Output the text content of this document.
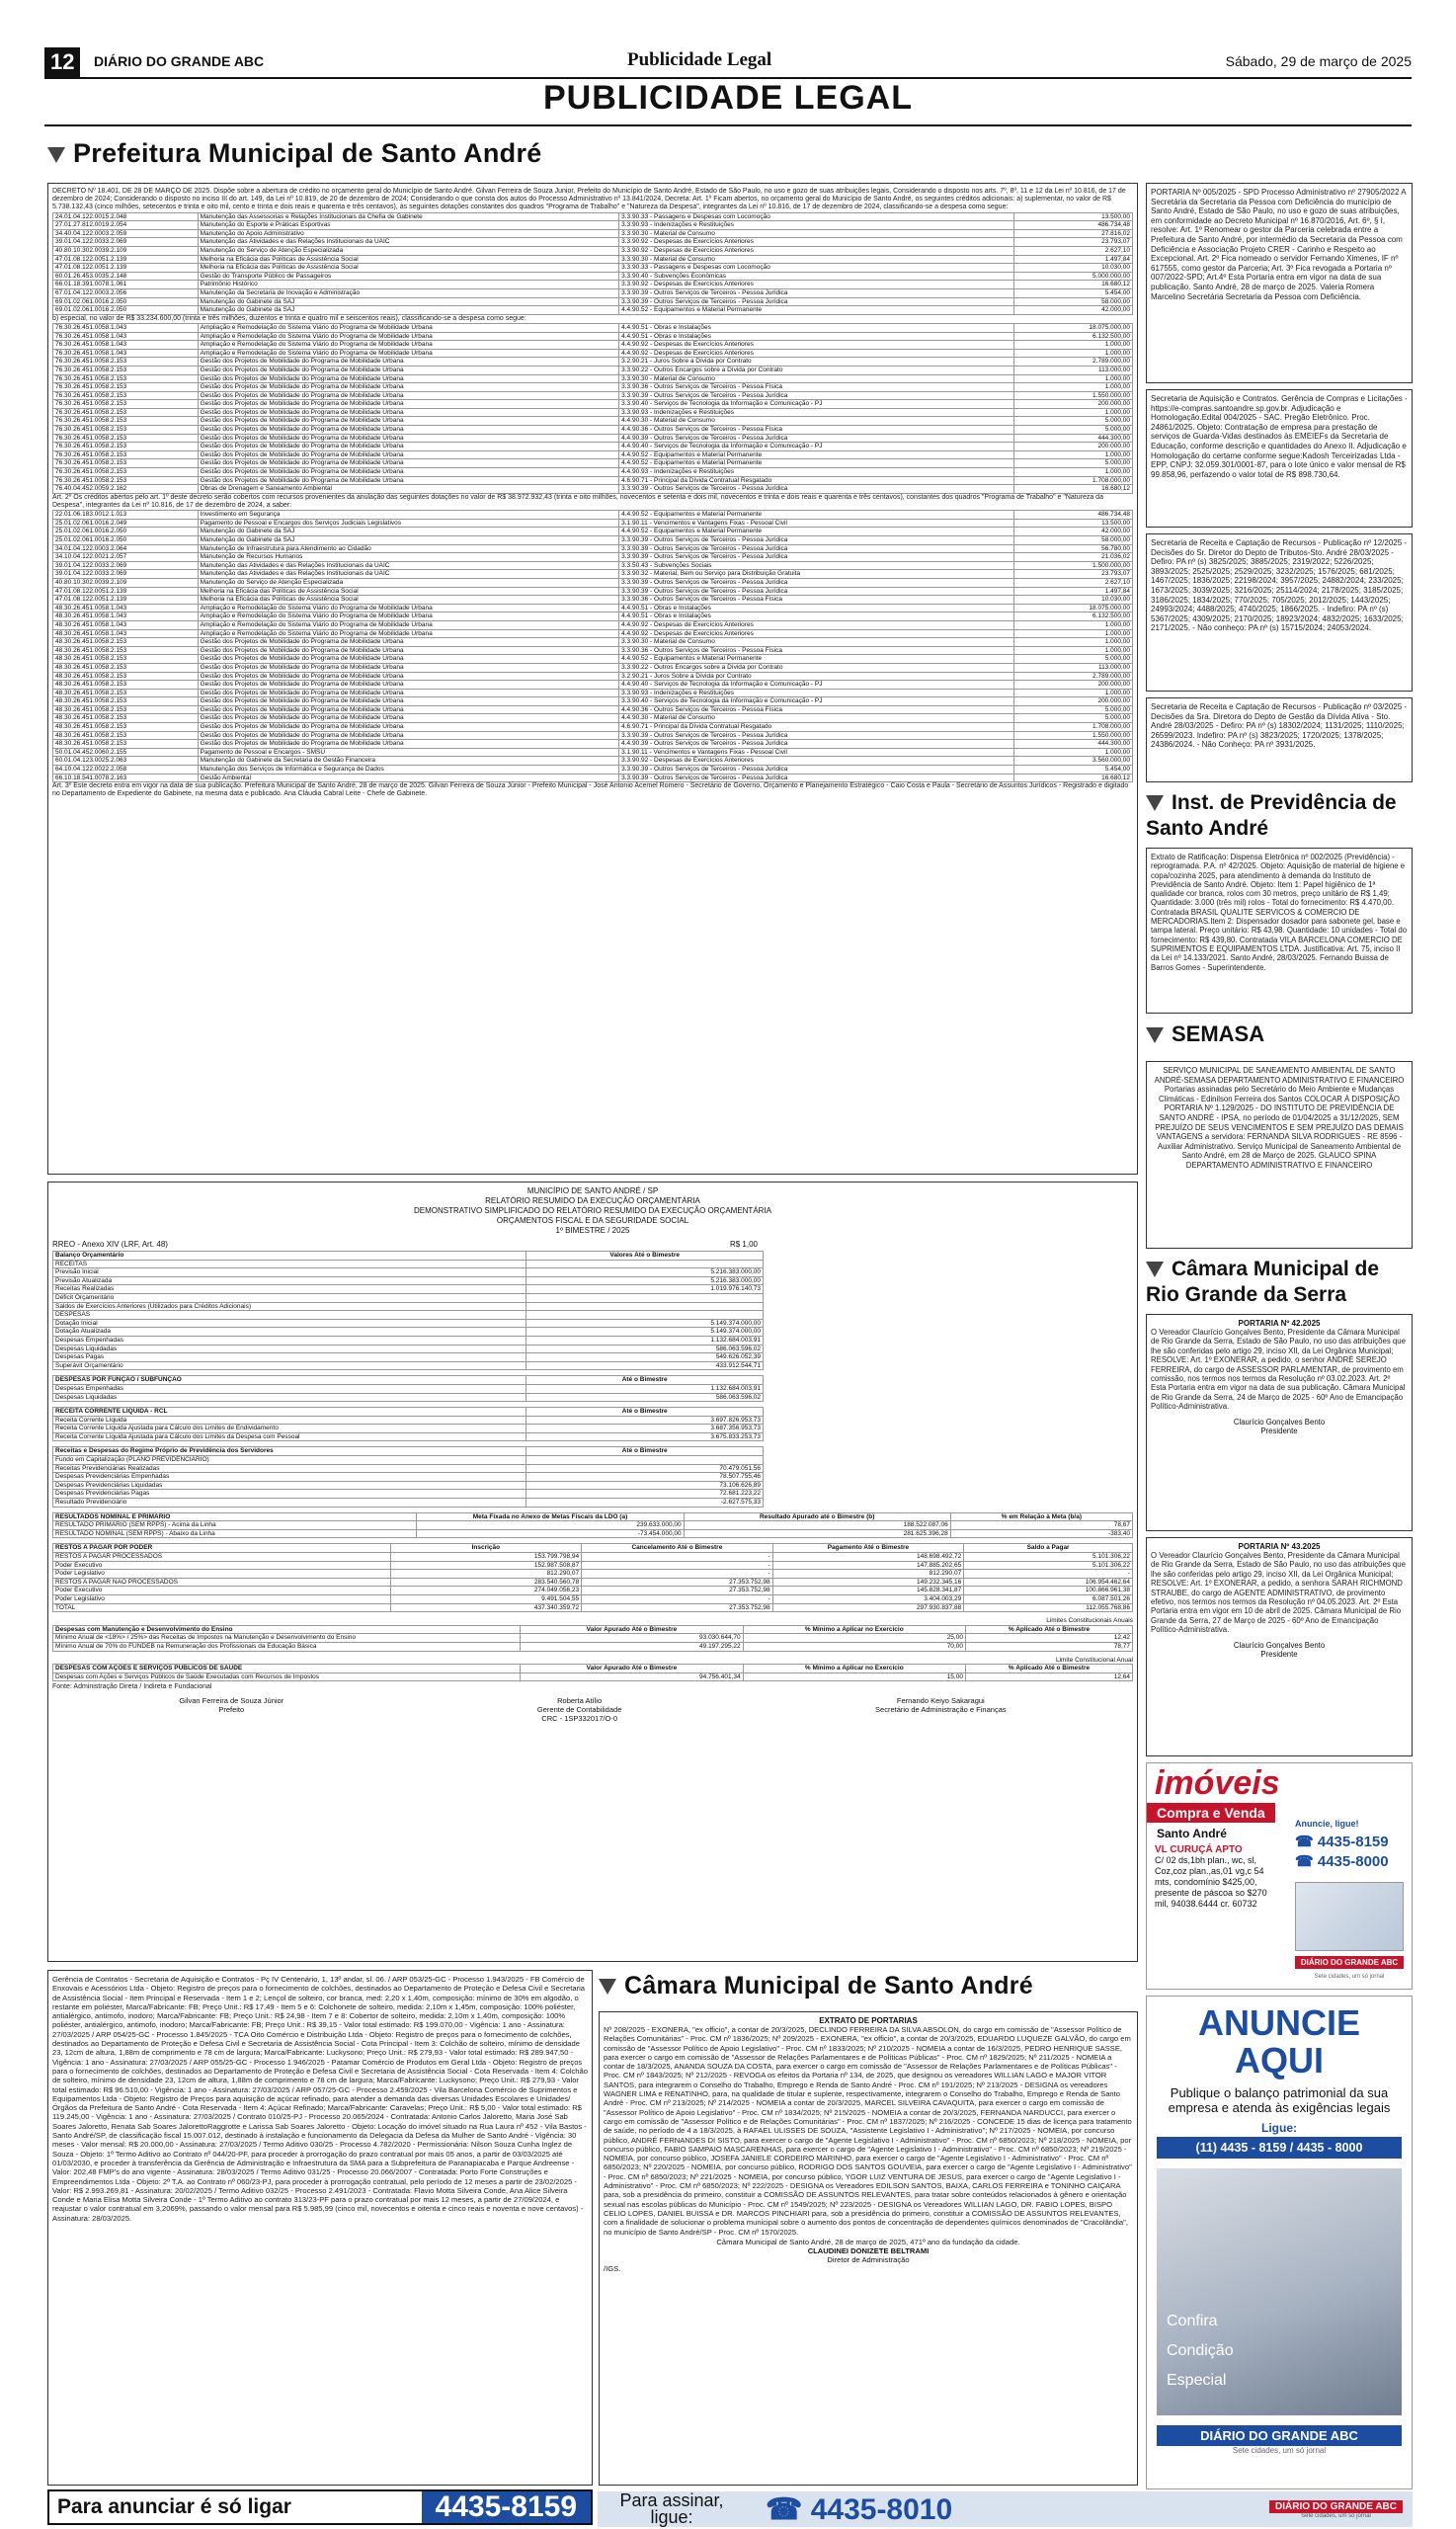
12	DIÁRIO DO GRANDE ABC	Publicidade Legal	Sábado, 29 de março de 2025
PUBLICIDADE LEGAL
Prefeitura Municipal de Santo André
DECRETO Nº 18.401, DE 28 DE MARÇO DE 2025. Dispõe sobre a abertura de crédito no orçamento geral do Município de Santo André. Gilvan Ferreira de Souza Junior, Prefeito do Município de Santo André, Estado de São Paulo, no uso e gozo de suas atribuições legais, Considerando o disposto nos arts. 7º, 8º, 11 e 12 da Lei nº 10.816, de 17 de dezembro de 2024; Considerando o disposto no inciso III do art. 149, da Lei nº 10.819, de 20 de dezembro de 2024; Considerando o que consta dos autos do Processo Administrativo nº 13.841/2024, Decreta: Art. 1º Ficam abertos, no orçamento geral do Município de Santo André, os seguintes créditos adicionais: a) suplementar, no valor de R$ 5.738.132,43 (cinco milhões, setecentos e trinta e oito mil, cento e trinta e dois reais e quarenta e três centavos), às seguintes dotações constantes dos quadros "Programa de Trabalho" e "Natureza da Despesa", integrantes da Lei nº 10.816, de 17 de dezembro de 2024, classificando-se a despesa como segue:
24.01.04.122.0015.2.048	Manutenção das Assessorias e Relações Institucionais da Chefia de Gabinete	3.3.90.33 - Passagens e Despesas com Locomoção	13.500,00
27.01.27.812.0019.2.054	Manutenção do Esporte e Práticas Esportivas	3.3.90.93 - Indenizações e Restituições	486.734,48
34.40.04.122.0003.2.059	Manutenção do Apoio Administrativo	3.3.90.30 - Material de Consumo	27.816,02
39.01.04.122.0033.2.069	Manutenção das Atividades e das Relações Institucionais da UAIC	3.3.90.92 - Despesas de Exercícios Anteriores	23.793,07
40.80.10.302.0039.2.109	Manutenção do Serviço de Atenção Especializada	3.3.90.92 - Despesas de Exercícios Anteriores	2.627,10
47.01.08.122.0051.2.139	Melhoria na Eficácia das Políticas de Assistência Social	3.3.90.30 - Material de Consumo	1.497,84
47.01.08.122.0051.2.139	Melhoria na Eficácia das Políticas de Assistência Social	3.3.90.33 - Passagens e Despesas com Locomoção	10.030,00
60.01.26.453.0035.2.148	Gestão do Transporte Público de Passageiros	3.3.90.40 - Subvenções Econômicas	5.000.000,00
66.01.18.391.0078.1.061	Patrimônio Histórico	3.3.90.92 - Despesas de Exercícios Anteriores	16.680,12
67.01.04.122.0003.2.056	Manutenção da Secretaria de Inovação e Administração	3.3.90.39 - Outros Serviços de Terceiros - Pessoa Jurídica	5.454,00
69.01.02.061.0016.2.050	Manutenção do Gabinete da SAJ	3.3.90.39 - Outros Serviços de Terceiros - Pessoa Jurídica	58.000,00
69.01.02.061.0016.2.050	Manutenção do Gabinete da SAJ	4.4.90.52 - Equipamentos e Material Permanente	42.000,00
b) especial, no valor de R$ 33.234.600,00 (trinta e três milhões, duzentos e trinta e quatro mil e seiscentos reais), classificando-se a despesa como segue:
76.30.26.451.0058.1.043	Ampliação e Remodelação do Sistema Viário do Programa de Mobilidade Urbana	4.4.90.51 - Obras e Instalações	18.075.000,00
76.30.26.451.0058.1.043	Ampliação e Remodelação do Sistema Viário do Programa de Mobilidade Urbana	4.4.90.51 - Obras e Instalações	6.132.500,00
76.30.26.451.0058.1.043	Ampliação e Remodelação do Sistema Viário do Programa de Mobilidade Urbana	4.4.90.92 - Despesas de Exercícios Anteriores	1.000,00
76.30.26.451.0058.1.043	Ampliação e Remodelação do Sistema Viário do Programa de Mobilidade Urbana	4.4.90.92 - Despesas de Exercícios Anteriores	1.000,00
76.30.26.451.0058.2.153	Gestão dos Projetos de Mobilidade do Programa de Mobilidade Urbana	3.2.90.21 - Juros Sobre a Dívida por Contrato	2.789.000,00
76.30.26.451.0058.2.153	Gestão dos Projetos de Mobilidade do Programa de Mobilidade Urbana	3.3.90.22 - Outros Encargos sobre a Dívida por Contrato	113.000,00
76.30.26.451.0058.2.153	Gestão dos Projetos de Mobilidade do Programa de Mobilidade Urbana	3.3.90.30 - Material de Consumo	1.000,00
76.30.26.451.0058.2.153	Gestão dos Projetos de Mobilidade do Programa de Mobilidade Urbana	3.3.90.36 - Outros Serviços de Terceiros - Pessoa Física	1.000,00
76.30.26.451.0058.2.153	Gestão dos Projetos de Mobilidade do Programa de Mobilidade Urbana	3.3.90.39 - Outros Serviços de Terceiros - Pessoa Jurídica	1.550.000,00
76.30.26.451.0058.2.153	Gestão dos Projetos de Mobilidade do Programa de Mobilidade Urbana	3.3.90.40 - Serviços de Tecnologia da Informação e Comunicação - PJ	200.000,00
76.30.26.451.0058.2.153	Gestão dos Projetos de Mobilidade do Programa de Mobilidade Urbana	3.3.90.93 - Indenizações e Restituições	1.000,00
76.30.26.451.0058.2.153	Gestão dos Projetos de Mobilidade do Programa de Mobilidade Urbana	4.4.90.30 - Material de Consumo	5.000,00
76.30.26.451.0058.2.153	Gestão dos Projetos de Mobilidade do Programa de Mobilidade Urbana	4.4.90.36 - Outros Serviços de Terceiros - Pessoa Física	5.000,00
76.30.26.451.0058.2.153	Gestão dos Projetos de Mobilidade do Programa de Mobilidade Urbana	4.4.90.39 - Outros Serviços de Terceiros - Pessoa Jurídica	444.300,00
76.30.26.451.0058.2.153	Gestão dos Projetos de Mobilidade do Programa de Mobilidade Urbana	4.4.90.40 - Serviços de Tecnologia da Informação e Comunicação - PJ	200.000,00
76.30.26.451.0058.2.153	Gestão dos Projetos de Mobilidade do Programa de Mobilidade Urbana	4.4.90.52 - Equipamentos e Material Permanente	1.000,00
76.30.26.451.0058.2.153	Gestão dos Projetos de Mobilidade do Programa de Mobilidade Urbana	4.4.90.52 - Equipamentos e Material Permanente	5.000,00
76.30.26.451.0058.2.153	Gestão dos Projetos de Mobilidade do Programa de Mobilidade Urbana	4.4.90.93 - Indenizações e Restituições	1.000,00
76.30.26.451.0058.2.153	Gestão dos Projetos de Mobilidade do Programa de Mobilidade Urbana	4.6.90.71 - Principal da Dívida Contratual Resgatado	1.708.000,00
76.40.04.452.0059.2.162	Obras de Drenagem e Saneamento Ambiental	3.3.90.39 - Outros Serviços de Terceiros - Pessoa Jurídica	16.680,12
Art. 2º Os créditos abertos pelo art. 1º deste decreto serão cobertos com recursos provenientes da anulação das seguintes dotações no valor de R$ 38.972.932,43 (trinta e oito milhões, novecentos e setenta e dois mil, novecentos e trinta e dois reais e quarenta e três centavos), constantes dos quadros "Programa de Trabalho" e "Natureza da Despesa", integrantes da Lei nº 10.816, de 17 de dezembro de 2024, a saber:
22.01.06.183.0012.1.013	Investimento em Segurança	4.4.90.52 - Equipamentos e Material Permanente	486.734,48
25.01.02.061.0016.2.049	Pagamento de Pessoal e Encargos dos Serviços Judiciais Legislativos	3.1.90.11 - Vencimentos e Vantagens Fixas - Pessoal Civil	13.500,00
25.01.02.061.0016.2.050	Manutenção do Gabinete da SAJ	4.4.90.52 - Equipamentos e Material Permanente	42.000,00
25.01.02.061.0016.2.050	Manutenção do Gabinete da SAJ	3.3.90.39 - Outros Serviços de Terceiros - Pessoa Jurídica	58.000,00
34.01.04.122.0003.2.064	Manutenção de Infraestrutura para Atendimento ao Cidadão	3.3.90.39 - Outros Serviços de Terceiros - Pessoa Jurídica	56.780,00
34.10.04.122.0021.2.057	Manutenção de Recursos Humanos	3.3.90.39 - Outros Serviços de Terceiros - Pessoa Jurídica	21.036,02
39.01.04.122.0033.2.069	Manutenção das Atividades e das Relações Institucionais da UAIC	3.3.50.43 - Subvenções Sociais	1.500.000,00
39.01.04.122.0033.2.069	Manutenção das Atividades e das Relações Institucionais da UAIC	3.3.90.32 - Material, Bem ou Serviço para Distribuição Gratuita	23.793,07
40.80.10.302.0039.2.109	Manutenção do Serviço de Atenção Especializada	3.3.90.39 - Outros Serviços de Terceiros - Pessoa Jurídica	2.627,10
47.01.08.122.0051.2.139	Melhoria na Eficácia das Políticas de Assistência Social	3.3.90.39 - Outros Serviços de Terceiros - Pessoa Jurídica	1.497,84
47.01.08.122.0051.2.139	Melhoria na Eficácia das Políticas de Assistência Social	3.3.90.36 - Outros Serviços de Terceiros - Pessoa Física	10.030,00
48.30.26.451.0058.1.043	Ampliação e Remodelação do Sistema Viário do Programa de Mobilidade Urbana	4.4.90.51 - Obras e Instalações	18.075.000,00
48.30.26.451.0058.1.043	Ampliação e Remodelação do Sistema Viário do Programa de Mobilidade Urbana	4.4.90.51 - Obras e Instalações	6.132.500,00
48.30.26.451.0058.1.043	Ampliação e Remodelação do Sistema Viário do Programa de Mobilidade Urbana	4.4.90.92 - Despesas de Exercícios Anteriores	1.000,00
48.30.26.451.0058.1.043	Ampliação e Remodelação do Sistema Viário do Programa de Mobilidade Urbana	4.4.90.92 - Despesas de Exercícios Anteriores	1.000,00
48.30.26.451.0058.2.153	Gestão dos Projetos de Mobilidade do Programa de Mobilidade Urbana	3.3.90.30 - Material de Consumo	1.000,00
48.30.26.451.0058.2.153	Gestão dos Projetos de Mobilidade do Programa de Mobilidade Urbana	3.3.90.36 - Outros Serviços de Terceiros - Pessoa Física	1.000,00
48.30.26.451.0058.2.153	Gestão dos Projetos de Mobilidade do Programa de Mobilidade Urbana	4.4.90.52 - Equipamentos e Material Permanente	5.000,00
48.30.26.451.0058.2.153	Gestão dos Projetos de Mobilidade do Programa de Mobilidade Urbana	3.3.90.22 - Outros Encargos sobre a Dívida por Contrato	113.000,00
48.30.26.451.0058.2.153	Gestão dos Projetos de Mobilidade do Programa de Mobilidade Urbana	3.2.90.21 - Juros Sobre a Dívida por Contrato	2.789.000,00
48.30.26.451.0058.2.153	Gestão dos Projetos de Mobilidade do Programa de Mobilidade Urbana	4.4.90.40 - Serviços de Tecnologia da Informação e Comunicação - PJ	200.000,00
48.30.26.451.0058.2.153	Gestão dos Projetos de Mobilidade do Programa de Mobilidade Urbana	3.3.90.93 - Indenizações e Restituições	1.000,00
48.30.26.451.0058.2.153	Gestão dos Projetos de Mobilidade do Programa de Mobilidade Urbana	3.3.90.40 - Serviços de Tecnologia da Informação e Comunicação - PJ	200.000,00
48.30.26.451.0058.2.153	Gestão dos Projetos de Mobilidade do Programa de Mobilidade Urbana	4.4.90.36 - Outros Serviços de Terceiros - Pessoa Física	5.000,00
48.30.26.451.0058.2.153	Gestão dos Projetos de Mobilidade do Programa de Mobilidade Urbana	4.4.90.30 - Material de Consumo	5.000,00
48.30.26.451.0058.2.153	Gestão dos Projetos de Mobilidade do Programa de Mobilidade Urbana	4.6.90.71 - Principal da Dívida Contratual Resgatado	1.708.000,00
48.30.26.451.0058.2.153	Gestão dos Projetos de Mobilidade do Programa de Mobilidade Urbana	3.3.90.39 - Outros Serviços de Terceiros - Pessoa Jurídica	1.550.000,00
48.30.26.451.0058.2.153	Gestão dos Projetos de Mobilidade do Programa de Mobilidade Urbana	4.4.90.39 - Outros Serviços de Terceiros - Pessoa Jurídica	444.300,00
50.01.04.452.0060.2.155	Pagamento de Pessoal e Encargos - SMSU	3.1.90.11 - Vencimentos e Vantagens Fixas - Pessoal Civil	1.000,00
60.01.04.123.0025.2.063	Manutenção do Gabinete da Secretaria de Gestão Financeira	3.3.90.92 - Despesas de Exercícios Anteriores	3.560.000,00
64.10.04.122.0022.2.058	Manutenção dos Serviços de Informática e Segurança de Dados	3.3.90.39 - Outros Serviços de Terceiros - Pessoa Jurídica	5.454,00
66.10.18.541.0078.2.163	Gestão Ambiental	3.3.90.39 - Outros Serviços de Terceiros - Pessoa Jurídica	16.680,12
Art. 3º Este decreto entra em vigor na data de sua publicação. Prefeitura Municipal de Santo André, 28 de março de 2025. Gilvan Ferreira de Souza Júnior - Prefeito Municipal - José Antonio Acemel Romero - Secretário de Governo, Orçamento e Planejamento Estratégico - Caio Costa e Paula - Secretário de Assuntos Jurídicos - Registrado e digitado no Departamento de Expediente do Gabinete, na mesma data e publicado. Ana Cláudia Cabral Leite - Chefe de Gabinete.
MUNICÍPIO DE SANTO ANDRÉ / SP
RELATÓRIO RESUMIDO DA EXECUÇÃO ORÇAMENTÁRIA
DEMONSTRATIVO SIMPLIFICADO DO RELATÓRIO RESUMIDO DA EXECUÇÃO ORÇAMENTÁRIA
ORÇAMENTOS FISCAL E DA SEGURIDADE SOCIAL
1º BIMESTRE / 2025
RREO - Anexo XIV (LRF, Art. 48)	R$ 1,00
Balanço Orçamentário	Valores Até o Bimestre
RECEITAS	
Previsão Inicial	5.216.383.000,00
Previsão Atualizada	5.216.383.000,00
Receitas Realizadas	1.019.976.140,73
Déficit Orçamentário	
Saldos de Exercícios Anteriores (Utilizados para Créditos Adicionais)	
DESPESAS	
Dotação Inicial	5.149.374.000,00
Dotação Atualizada	5.149.374.000,00
Despesas Empenhadas	1.132.684.003,91
Despesas Liquidadas	586.063.596,02
Despesas Pagas	549.626.052,39
Superávit Orçamentário	433.912.544,71
DESPESAS POR FUNÇÃO / SUBFUNÇÃO	Até o Bimestre
Despesas Empenhadas	1.132.684.003,91
Despesas Liquidadas	586.063.596,02
RECEITA CORRENTE LÍQUIDA - RCL	Até o Bimestre
Receita Corrente Líquida	3.697.826.953,73
Receita Corrente Líquida Ajustada para Cálculo dos Limites de Endividamento	3.687.356.953,73
Receita Corrente Líquida Ajustada para Cálculo dos Limites da Despesa com Pessoal	3.675.833.253,73
Receitas e Despesas do Regime Próprio de Previdência dos Servidores	Até o Bimestre
Fundo em Capitalização (PLANO PREVIDENCIÁRIO)	
Receitas Previdenciárias Realizadas	70.479.051,56
Despesas Previdenciárias Empenhadas	78.507.755,46
Despesas Previdenciárias Liquidadas	73.106.626,89
Despesas Previdenciárias Pagas	72.681.223,22
Resultado Previdenciário	-2.627.575,33
RESULTADOS NOMINAL E PRIMÁRIO	Meta Fixada no Anexo de Metas Fiscais da LDO (a)	Resultado Apurado até o Bimestre (b)	% em Relação à Meta (b/a)
RESULTADO PRIMÁRIO (SEM RPPS) - Acima da Linha	239.633.000,00	188.522.087,06	78,67
RESULTADO NOMINAL (SEM RPPS) - Abaixo da Linha	-73.454.000,00	281.625.396,28	-383,40
RESTOS A PAGAR POR PODER	Inscrição	Cancelamento Até o Bimestre	Pagamento Até o Bimestre	Saldo a Pagar
RESTOS A PAGAR PROCESSADOS	153.799.798,94	-	148.698.492,72	5.101.306,22
Poder Executivo	152.987.508,87	-	147.885.202,65	5.101.306,22
Poder Legislativo	812.290,07	-	812.290,07	-
RESTOS A PAGAR NÃO PROCESSADOS	283.540.560,78	27.353.752,98	149.232.345,16	106.954.462,64
Poder Executivo	274.049.056,23	27.353.752,98	145.828.341,87	100.866.961,38
Poder Legislativo	9.491.504,55	-	3.404.003,29	6.087.501,26
TOTAL	437.340.359,72	27.353.752,98	297.930.837,88	112.055.768,86
Limites Constitucionais Anuais
Despesas com Manutenção e Desenvolvimento do Ensino	Valor Apurado Até o Bimestre	% Mínimo a Aplicar no Exercício	% Aplicado Até o Bimestre
Mínimo Anual de <18%> / 25%> das Receitas de Impostos na Manutenção e Desenvolvimento do Ensino	93.030.644,70	25,00	12,42
Mínimo Anual de 70% do FUNDEB na Remuneração dos Profissionais da Educação Básica	49.197.295,22	70,00	78,77
Limite Constitucional Anual
DESPESAS COM AÇÕES E SERVIÇOS PÚBLICOS DE SAÚDE	Valor Apurado Até o Bimestre	% Mínimo a Aplicar no Exercício	% Aplicado Até o Bimestre
Despesas com Ações e Serviços Públicos de Saúde Executadas com Recursos de Impostos	94.756.401,34	15,00	12,64
Fonte: Administração Direta / Indireta e Fundacional
Gilvan Ferreira de Souza Júnior
Prefeito
Roberta Atílio
Gerente de Contabilidade
CRC - 1SP332017/O-0
Fernando Keiyo Sakaragui
Secretário de Administração e Finanças
Gerência de Contratos - Secretaria de Aquisição e Contratos - Pç IV Centenário, 1, 13º andar, sl. 06. / ARP 053/25-GC - Processo 1.943/2025 - FB Comércio de Enxovais e Acessórios Ltda - Objeto: Registro de preços para o fornecimento de colchões, destinados ao Departamento de Proteção e Defesa Civil e Secretaria de Assistência Social - Item Principal e Reservada - Item 1 e 2; Lençol de solteiro, cor branca, med: 2,20 x 1,40m, composição: mínimo de 30% em algodão, o restante em poliéster, Marca/Fabricante: FB; Preço Unit.: R$ 17,49 - Item 5 e 6: Colchonete de solteiro, medida: 2,10m x 1,45m, composição: 100% poliéster, antialérgico, antimofo, inodoro; Marca/Fabricante: FB; Preço Unit.: R$ 24,98 - Item 7 e 8: Cobertor de solteiro, medida: 2,10m x 1,40m, composição: 100% poliéster, antialérgico, antimofo, inodoro; Marca/Fabricante: FB; Preço Unit.: R$ 39,15 - Valor total estimado: R$ 199.070,00 - Vigência: 1 ano - Assinatura: 27/03/2025 / ARP 054/25-GC - Processo 1.845/2025 - TCA Oito Comércio e Distribuição Ltda - Objeto: Registro de preços para o fornecimento de colchões, destinados ao Departamento de Proteção e Defesa Civil e Secretaria de Assistência Social - Cota Principal - Item 3: Colchão de solteiro, mínimo de densidade 23, 12cm de altura, 1,88m de comprimento e 78 cm de largura; Marca/Fabricante: Luckysono; Preço Unit.: R$ 279,93 - Valor total estimado: R$ 289.947,50 - Vigência: 1 ano - Assinatura: 27/03/2025 / ARP 055/25-GC - Processo 1.946/2025 - Patamar Comércio de Produtos em Geral Ltda - Objeto: Registro de preços para o fornecimento de colchões, destinados ao Departamento de Proteção e Defesa Civil e Secretaria de Assistência Social - Cota Reservada - Item 4: Colchão de solteiro, mínimo de densidade 23, 12cm de altura, 1,88m de comprimento e 78 cm de largura; Marca/Fabricante: Luckysono; Preço Unit.: R$ 279,93 - Valor total estimado: R$ 96.510,00 - Vigência: 1 ano - Assinatura: 27/03/2025 / ARP 057/25-GC - Processo 2.459/2025 - Vila Barcelona Comércio de Suprimentos e Equipamentos Ltda - Objeto: Registro de Preços para aquisição de açúcar refinado, para atender a demanda das diversas Unidades Escolares e Unidades/Órgãos da Prefeitura de Santo André - Cota Reservada - Item 4: Açúcar Refinado; Marca/Fabricante: Caravelas; Preço Unit.: R$ 5,00 - Valor total estimado: R$ 119.245,00 - Vigência: 1 ano - Assinatura: 27/03/2025 / Contrato 010/25-PJ - Processo 20.065/2024 - Contratada: Antonio Carlos Jaloretto, Maria José Sab Soares Jaloretto, Renata Sab Soares JalorettoRaggrotte e Larissa Sab Soares Jaloretto - Objeto: Locação do imóvel situado na Rua Laura nº 452 - Vila Bastos - Santo André/SP, de classificação fiscal 15.007.012, destinado à instalação e funcionamento da Delegacia da Defesa da Mulher de Santo André - Vigência: 30 meses - Valor mensal: R$ 20.000,00 - Assinatura: 27/03/2025 / Termo Aditivo 030/25 - Processo 4.782/2020 - Permissionária: Nilson Souza Cunha Inglez de Souza - Objeto: 1º Termo Aditivo ao Contrato nº 044/20-PF, para proceder à prorrogação do prazo contratual por mais 05 anos, a partir de 03/03/2025 até 01/03/2030, e proceder à transferência da Gerência de Administração e Infraestrutura da SMA para a Subprefeitura de Paranapiacaba e Parque Andreense - Valor: 202,48 FMP's do ano vigente - Assinatura: 28/03/2025 / Termo Aditivo 031/25 - Processo 20.066/2007 - Contratada: Porto Forte Construções e Empreendimentos Ltda - Objeto: 2º T.A. ao Contrato nº 060/23-PJ, para proceder à prorrogação contratual, pelo período de 12 meses a partir de 23/02/2025 - Valor: R$ 2.993.269,81 - Assinatura: 20/02/2025 / Termo Aditivo 032/25 - Processo 2.491/2023 - Contratada: Flavio Motta Silveira Conde, Ana Alice Silveira Conde e Maria Elisa Motta Silveira Conde - 1º Termo Aditivo ao contrato 313/23-PF para o prazo contratual por mais 12 meses, a partir de 27/09/2024, e reajustar o valor contratual em 3,2069%, passando o valor mensal para R$ 5.985,99 (cinco mil, novecentos e oitenta e cinco reais e noventa e nove centavos) - Assinatura: 28/03/2025.
Para anunciar é só ligar	4435-8159
Câmara Municipal de Santo André
EXTRATO DE PORTARIAS
Nº 208/2025 - EXONERA, "ex officio", a contar de 20/3/2025, DECLINDO FERREIRA DA SILVA ABSOLON, do cargo em comissão de "Assessor Político de Relações Comunitárias" - Proc. CM nº 1836/2025; Nº 209/2025 - EXONERA, "ex officio", a contar de 20/3/2025, EDUARDO LUQUEZE GALVÃO, do cargo em comissão de "Assessor Político de Apoio Legislativo" - Proc. CM nº 1833/2025; Nº 210/2025 - NOMEIA a contar de 16/3/2025, PEDRO HENRIQUE SASSE, para exercer o cargo em comissão de "Assessor de Relações Parlamentares e de Políticas Públicas" - Proc. CM nº 1829/2025; Nº 211/2025 - NOMEIA a contar de 18/3/2025, ANANDA SOUZA DA COSTA, para exercer o cargo em comissão de "Assessor de Relações Parlamentares e de Políticas Públicas" - Proc. CM nº 1843/2025; Nº 212/2025 - REVOGA os efeitos da Portaria nº 134, de 2025, que designou os vereadores WILLIAN LAGO e MAJOR VITOR SANTOS, para integrarem o Conselho do Trabalho, Emprego e Renda de Santo André - Proc. CM nº 191/2025; Nº 213/2025 - DESIGNA os vereadores WAGNER LIMA e RENATINHO, para, na qualidade de titular e suplente, respectivamente, integrarem o Conselho do Trabalho, Emprego e Renda de Santo André - Proc. CM nº 213/2025; Nº 214/2025 - NOMEIA a contar de 20/3/2025, MARCEL SILVEIRA CAVAQUITA, para exercer o cargo em comissão de "Assessor Político de Apoio Legislativo" - Proc. CM nº 1834/2025; Nº 215/2025 - NOMEIA a contar de 20/3/2025, FERNANDA NARDUCCI, para exercer o cargo em comissão de "Assessor Político e de Relações Comunitárias" - Proc. CM nº 1837/2025; Nº 216/2025 - CONCEDE 15 dias de licença para tratamento de saúde, no período de 4 a 18/3/2025, à RAFAEL ULISSES DE SOUZA, "Assistente Legislativo I - Administrativo"; Nº 217/2025 - NOMEIA, por concurso público, ANDRÉ FERNANDES DI SISTO, para exercer o cargo de "Agente Legislativo I - Administrativo" - Proc. CM nº 6850/2023; Nº 218/2025 - NOMEIA, por concurso público, FABIO SAMPAIO MASCARENHAS, para exercer o cargo de "Agente Legislativo I - Administrativo" - Proc. CM nº 6850/2023; Nº 219/2025 - NOMEIA, por concurso público, JOSEFA JANIELE CORDEIRO MARINHO, para exercer o cargo de "Agente Legislativo I - Administrativo" - Proc. CM nº 6850/2023; Nº 220/2025 - NOMEIA, por concurso público, RODRIGO DOS SANTOS GOUVEIA, para exercer o cargo de "Agente Legislativo I - Administrativo" - Proc. CM nº 6850/2023; Nº 221/2025 - NOMEIA, por concurso público, YGOR LUIZ VENTURA DE JESUS, para exercer o cargo de "Agente Legislativo I - Administrativo" - Proc. CM nº 6850/2023; Nº 222/2025 - DESIGNA os Vereadores EDILSON SANTOS, BAIXA, CARLOS FERREIRA e TONINHO CAIÇARA para, sob a presidência do primeiro, constituir a COMISSÃO DE ASSUNTOS RELEVANTES, para tratar sobre conteúdos relacionados à gênero e orientação sexual nas escolas públicas do Município - Proc. CM nº 1549/2025; Nº 223/2025 - DESIGNA os Vereadores WILLIAN LAGO, DR. FABIO LOPES, BISPO CELIO LOPES, DANIEL BUISSA e DR. MARCOS PINCHIARI para, sob a presidência do primeiro, constituir a COMISSÃO DE ASSUNTOS RELEVANTES, com a finalidade de solucionar o problema municipal sobre o aumento dos pontos de concentração de dependentes químicos denominados de "Cracolândia", no município de Santo André/SP - Proc. CM nº 1570/2025.
Câmara Municipal de Santo André, 28 de março de 2025, 471º ano da fundação da cidade.
CLAUDINEI DONIZETE BELTRAMI
Diretor de Administração
/IGS.
PORTARIA Nº 005/2025 - SPD Processo Administrativo nº 27905/2022 A Secretária da Secretaria da Pessoa com Deficiência do município de Santo André, Estado de São Paulo, no uso e gozo de suas atribuições, em conformidade ao Decreto Municipal nº 16.870/2016, Art. 6º, § I, resolve: Art. 1º Renomear o gestor da Parceria celebrada entre a Prefeitura de Santo André, por intermédio da Secretaria da Pessoa com Deficiência e Associação Projeto CRER - Carinho e Respeito ao Excepcional. Art. 2º Fica nomeado o servidor Fernando Ximenes, IF nº 617555, como gestor da Parceria; Art. 3º Fica revogada a Portaria nº 007/2022-SPD; Art.4º Esta Portaria entra em vigor na data de sua publicação. Santo André, 28 de março de 2025. Valeria Romera Marcelino Secretária Secretaria da Pessoa com Deficiência.
Secretaria de Aquisição e Contratos. Gerência de Compras e Licitações - https://e-compras.santoandre.sp.gov.br. Adjudicação e Homologação.Edital 004/2025 - SAC. Pregão Eletrônico. Proc. 24861/2025. Objeto: Contratação de empresa para prestação de serviços de Guarda-Vidas destinados às EMEIEFs da Secretaria de Educação, conforme descrição e quantidades do Anexo II. Adjudicação e Homologação do certame conforme segue:Kadosh Terceirizadas Ltda - EPP, CNPJ: 32.059.301/0001-87, para o lote único e valor mensal de R$ 99.858,96, perfazendo o valor total de R$ 898.730,64.
Secretaria de Receita e Captação de Recursos - Publicação nº 12/2025 - Decisões do Sr. Diretor do Depto de Tributos-Sto. André 28/03/2025 - Defiro: PA nº (s) 3825/2025; 3885/2025; 2319/2022; 5226/2025; 3893/2025; 2525/2025; 2529/2025; 3232/2025; 1576/2025; 681/2025; 1467/2025; 1836/2025; 22198/2024; 3957/2025; 24882/2024; 233/2025; 1673/2025; 3039/2025; 3216/2025; 25114/2024; 2178/2025; 3185/2025; 3186/2025; 1834/2025; 770/2025; 705/2025; 2012/2025; 1443/2025; 24993/2024; 4488/2025; 4740/2025; 1866/2025. - Indefiro: PA nº (s) 5367/2025; 4309/2025; 2170/2025; 18923/2024; 4832/2025; 1633/2025; 2171/2025. - Não conheço: PA nº (s) 15715/2024; 24053/2024.
Secretaria de Receita e Captação de Recursos - Publicação nº 03/2025 - Decisões da Sra. Diretora do Depto de Gestão da Dívida Ativa - Sto. André 28/03/2025 - Defiro: PA nº (s) 18302/2024; 1131/2025; 1110/2025; 26599/2023. Indefiro: PA nº (s) 3823/2025; 1720/2025; 1378/2025; 24386/2024. - Não Conheço: PA nº 3931/2025.
Inst. de Previdência de Santo André
Extrato de Ratificação: Dispensa Eletrônica nº 002/2025 (Previdência) - reprogramada. P.A. nº 42/2025. Objeto: Aquisição de material de higiene e copa/cozinha 2025, para atendimento à demanda do Instituto de Previdência de Santo André. Objeto: Item 1: Papel higiênico de 1ª qualidade cor branca, rolos com 30 metros, preço unitário de R$ 1,49; Quantidade: 3.000 (três mil) rolos - Total do fornecimento: R$ 4.470,00. Contratada BRASIL QUALITE SERVICOS & COMERCIO DE MERCADORIAS.Item 2: Dispensador dosador para sabonete gel, base e tampa lateral. Preço unitário: R$ 43,98. Quantidade: 10 unidades - Total do fornecimento: R$ 439,80. Contratada VILA BARCELONA COMERCIO DE SUPRIMENTOS E EQUIPAMENTOS LTDA. Justificativa: Art. 75, inciso II da Lei nº 14.133/2021. Santo André, 28/03/2025. Fernando Buissa de Barros Gomes - Superintendente.
SEMASA
SERVIÇO MUNICIPAL DE SANEAMENTO AMBIENTAL DE SANTO ANDRÉ-SEMASA DEPARTAMENTO ADMINISTRATIVO E FINANCEIRO Portarias assinadas pelo Secretário do Meio Ambiente e Mudanças Climáticas - Edinilson Ferreira dos Santos COLOCAR À DISPOSIÇÃO PORTARIA Nº 1.129/2025 - DO INSTITUTO DE PREVIDÊNCIA DE SANTO ANDRÉ - IPSA, no período de 01/04/2025 a 31/12/2025, SEM PREJUÍZO DE SEUS VENCIMENTOS E SEM PREJUÍZO DAS DEMAIS VANTAGENS a servidora: FERNANDA SILVA RODRIGUES - RE 8596 - Auxiliar Administrativo. Serviço Municipal de Saneamento Ambiental de Santo André, em 28 de Março de 2025. GLAUCO SPINA DEPARTAMENTO ADMINISTRATIVO E FINANCEIRO
Câmara Municipal de Rio Grande da Serra
PORTARIA Nº 42.2025
O Vereador Claurício Gonçalves Bento, Presidente da Câmara Municipal de Rio Grande da Serra, Estado de São Paulo, no uso das atribuições que lhe são conferidas pelo artigo 29, inciso XII, da Lei Orgânica Municipal; RESOLVE: Art. 1º EXONERAR, a pedido, o senhor ANDRÉ SEREJO FERREIRA, do cargo de ASSESSOR PARLAMENTAR, de provimento em comissão, nos termos nos termos da Resolução nº 03.02.2023. Art. 2º Esta Portaria entra em vigor na data de sua publicação. Câmara Municipal de Rio Grande da Serra, 24 de Março de 2025 - 60º Ano de Emancipação Político-Administrativa.
Claurício Gonçalves Bento
Presidente
PORTARIA Nº 43.2025
O Vereador Claurício Gonçalves Bento, Presidente da Câmara Municipal de Rio Grande da Serra, Estado de São Paulo, no uso das atribuições que lhe são conferidas pelo artigo 29, inciso XII, da Lei Orgânica Municipal; RESOLVE: Art. 1º EXONERAR, a pedido, a senhora SARAH RICHMOND STRAUBE, do cargo de AGENTE ADMINISTRATIVO, de provimento efetivo, nos termos nos termos da Resolução nº 04.05.2023. Art. 2º Esta Portaria entra em vigor em 10 de abril de 2025. Câmara Municipal de Rio Grande da Serra, 27 de Março de 2025 - 60º Ano de Emancipação Político-Administrativa.
Claurício Gonçalves Bento
Presidente
imóveis
Compra e Venda
Anuncie, ligue!
☎ 4435-8159
☎ 4435-8000
Santo André
VL CURUÇÁ APTO
C/ 02 ds,1bh plan., wc, sl, Coz,coz plan.,as,01 vg,c 54 mts, condomínio $425,00, presente de páscoa so $270 mil, 94038.6444 cr. 60732
DIÁRIO DO GRANDE ABC
Sete cidades, um só jornal
ANUNCIE
AQUI
Publique o balanço patrimonial da sua empresa e atenda às exigências legais
Ligue:
(11) 4435 - 8159 / 4435 - 8000
Confira
Condição
Especial
DIÁRIO DO GRANDE ABC
Sete cidades, um só jornal
Para assinar, ligue:	☎ 4435-8010	DIÁRIO DO GRANDE ABC
Sete cidades, um só jornal
